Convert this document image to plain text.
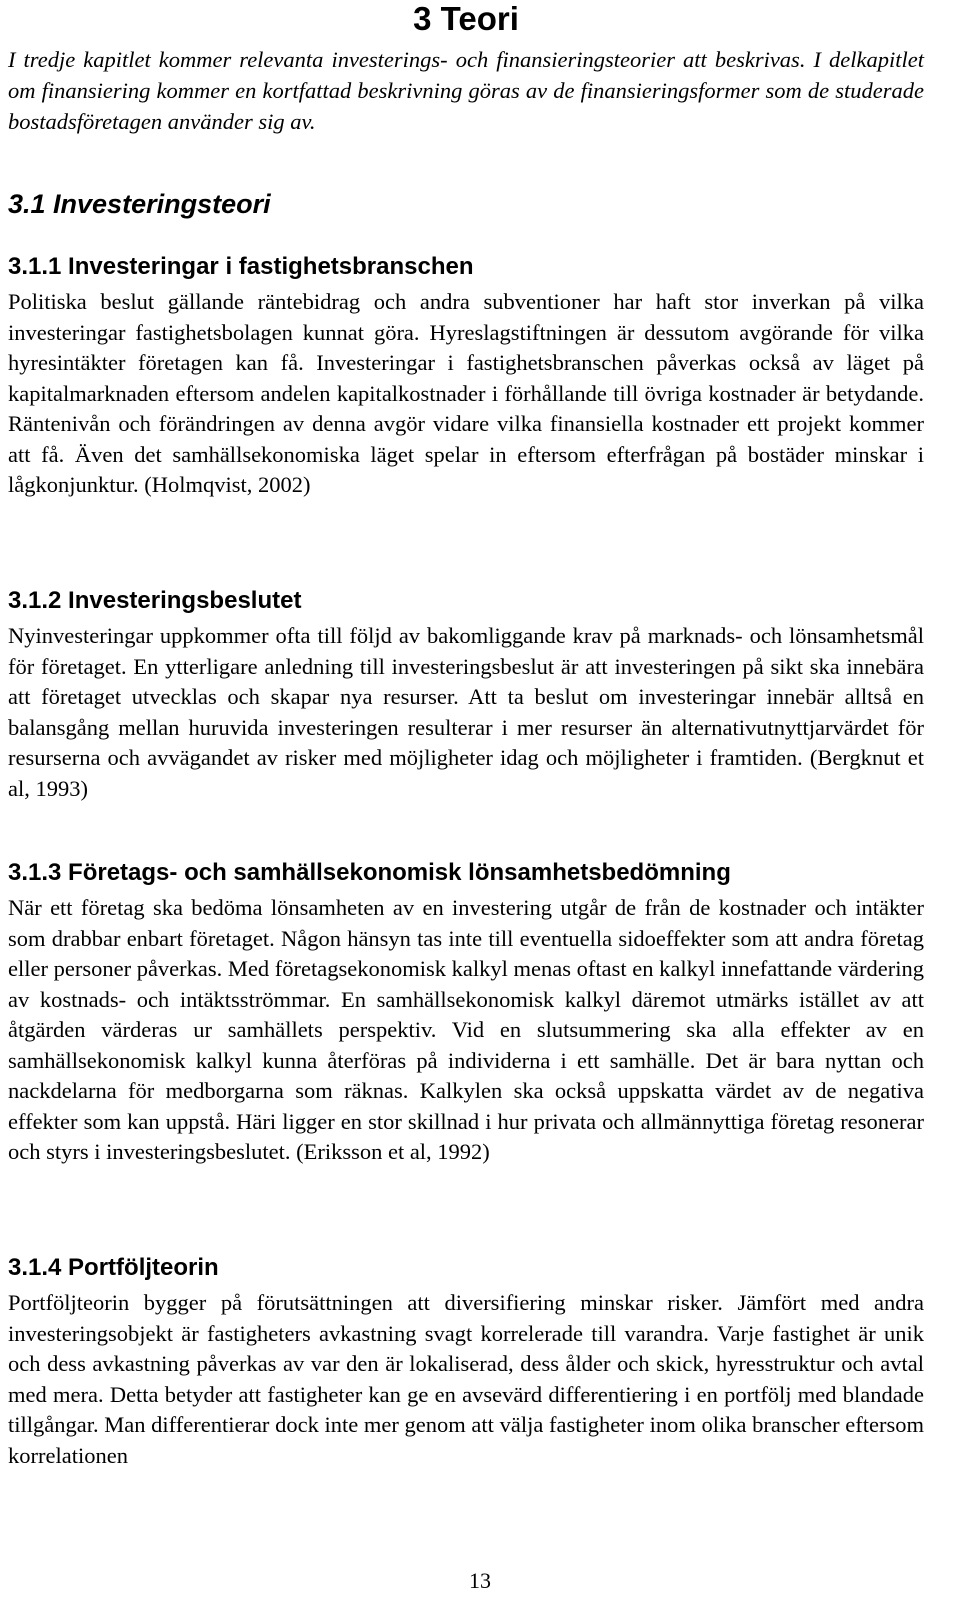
3 Teori

I tredje kapitlet kommer relevanta investerings- och finansieringsteorier att beskrivas. I delkapitlet om finansiering kommer en kortfattad beskrivning göras av de finansieringsformer som de studerade bostadsföretagen använder sig av.

3.1 Investeringsteori
3.1.1 Investeringar i fastighetsbranschen

Politiska beslut gällande räntebidrag och andra subventioner har haft stor inverkan på vilka investeringar fastighetsbolagen kunnat göra. Hyreslagstiftningen är dessutom avgörande för vilka hyresintäkter företagen kan få. Investeringar i fastighetsbranschen påverkas också av läget på kapitalmarknaden eftersom andelen kapitalkostnader i förhållande till övriga kostnader är betydande. Räntenivån och förändringen av denna avgör vidare vilka finansiella kostnader ett projekt kommer att få. Även det samhällsekonomiska läget spelar in eftersom efterfrågan på bostäder minskar i lågkonjunktur. (Holmqvist, 2002)

3.1.2 Investeringsbeslutet

Nyinvesteringar uppkommer ofta till följd av bakomliggande krav på marknads- och lönsamhetsmål för företaget. En ytterligare anledning till investeringsbeslut är att investeringen på sikt ska innebära att företaget utvecklas och skapar nya resurser. Att ta beslut om investeringar innebär alltså en balansgång mellan huruvida investeringen resulterar i mer resurser än alternativutnyttjarvärdet för resurserna och avvägandet av risker med möjligheter idag och möjligheter i framtiden. (Bergknut et al, 1993)

3.1.3 Företags- och samhällsekonomisk lönsamhetsbedömning

När ett företag ska bedöma lönsamheten av en investering utgår de från de kostnader och intäkter som drabbar enbart företaget. Någon hänsyn tas inte till eventuella sidoeffekter som att andra företag eller personer påverkas. Med företagsekonomisk kalkyl menas oftast en kalkyl innefattande värdering av kostnads- och intäktsströmmar. En samhällsekonomisk kalkyl däremot utmärks istället av att åtgärden värderas ur samhällets perspektiv. Vid en slutsummering ska alla effekter av en samhällsekonomisk kalkyl kunna återföras på individerna i ett samhälle. Det är bara nyttan och nackdelarna för medborgarna som räknas. Kalkylen ska också uppskatta värdet av de negativa effekter som kan uppstå. Häri ligger en stor skillnad i hur privata och allmännyttiga företag resonerar och styrs i investeringsbeslutet. (Eriksson et al, 1992)

3.1.4 Portföljteorin

Portföljteorin bygger på förutsättningen att diversifiering minskar risker. Jämfört med andra investeringsobjekt är fastigheters avkastning svagt korrelerade till varandra. Varje fastighet är unik och dess avkastning påverkas av var den är lokaliserad, dess ålder och skick, hyresstruktur och avtal med mera. Detta betyder att fastigheter kan ge en avsevärd differentiering i en portfölj med blandade tillgångar. Man differentierar dock inte mer genom att välja fastigheter inom olika branscher eftersom korrelationen

13
